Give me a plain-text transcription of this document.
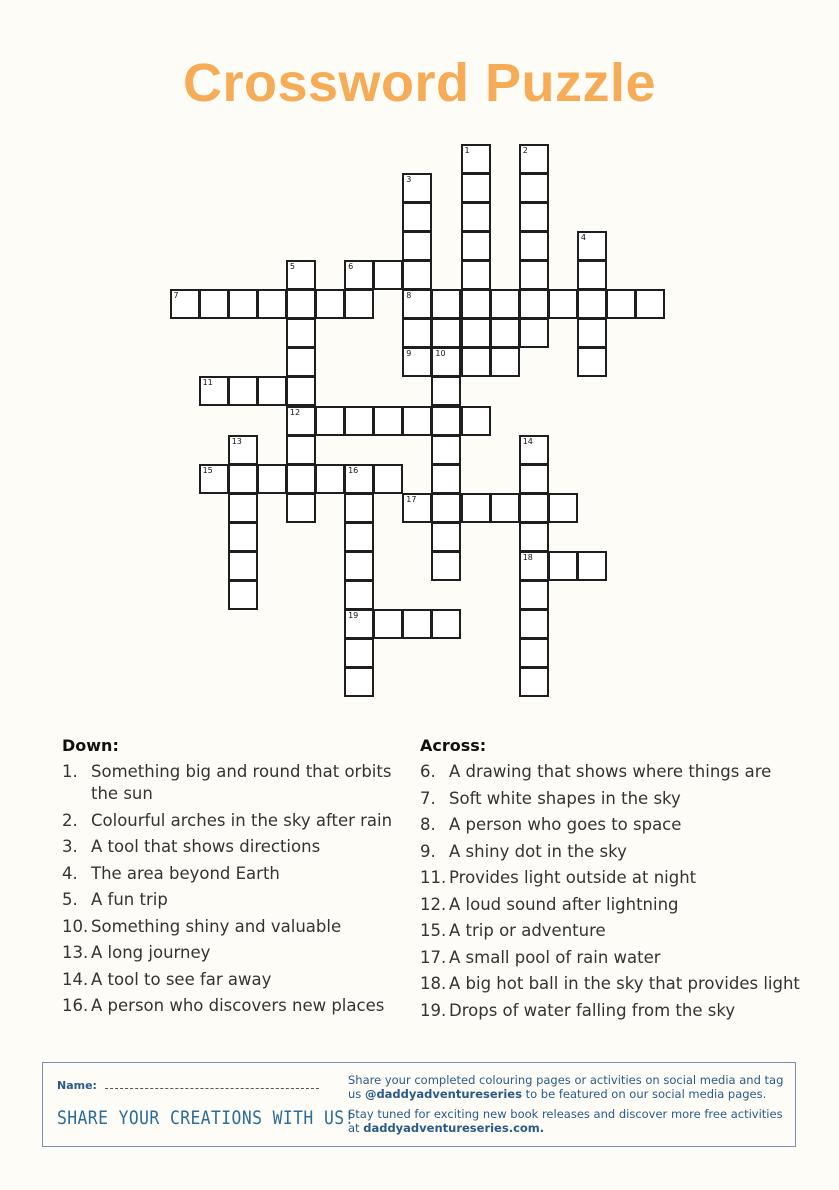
Crossword Puzzle
1	2
3
4
5	6
7	8
9	10
11
12
13	14
15	16
17
18
19
Down:
1. Something big and round that orbits the sun
2. Colourful arches in the sky after rain
3. A tool that shows directions
4. The area beyond Earth
5. A fun trip
10. Something shiny and valuable
13. A long journey
14. A tool to see far away
16. A person who discovers new places
Across:
6. A drawing that shows where things are
7. Soft white shapes in the sky
8. A person who goes to space
9. A shiny dot in the sky
11. Provides light outside at night
12. A loud sound after lightning
15. A trip or adventure
17. A small pool of rain water
18. A big hot ball in the sky that provides light
19. Drops of water falling from the sky
Name:
SHARE YOUR CREATIONS WITH US!

Share your completed colouring pages or activities on social media and tag us @daddyadventureseries to be featured on our social media pages.

Stay tuned for exciting new book releases and discover more free activities at daddyadventureseries.com.
